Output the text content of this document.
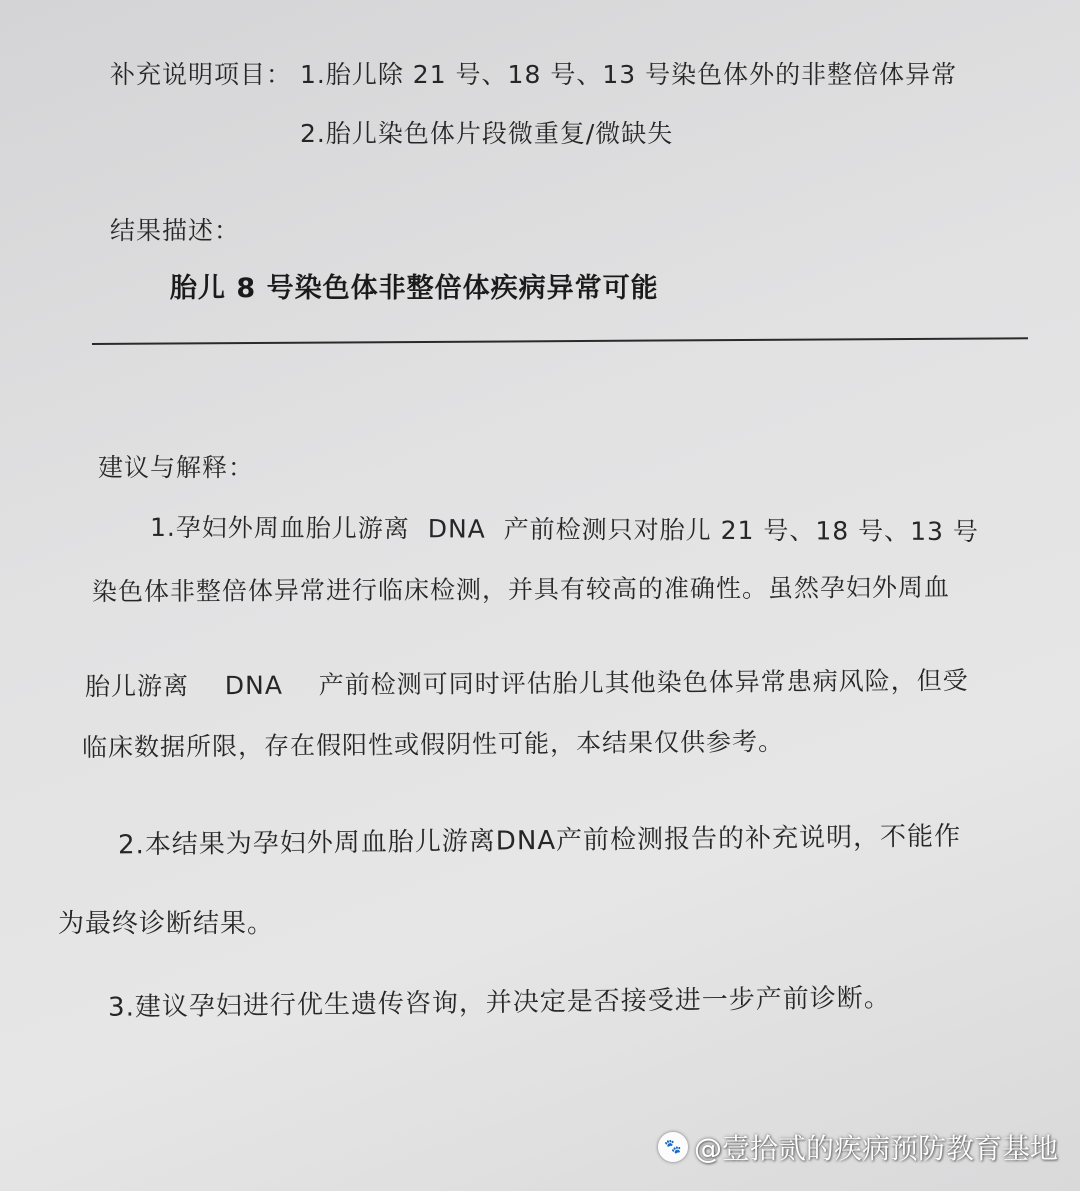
补充说明项目： 1.胎儿除 21 号、18 号、13 号染色体外的非整倍体异常
2.胎儿染色体片段微重复/微缺失
结果描述：
胎儿 8 号染色体非整倍体疾病异常可能
建议与解释：
1.孕妇外周血胎儿游离  DNA  产前检测只对胎儿 21 号、18 号、13 号
染色体非整倍体异常进行临床检测，并具有较高的准确性。虽然孕妇外周血
胎儿游离    DNA    产前检测可同时评估胎儿其他染色体异常患病风险，但受
临床数据所限，存在假阳性或假阴性可能，本结果仅供参考。
2.本结果为孕妇外周血胎儿游离DNA产前检测报告的补充说明，不能作
为最终诊断结果。
3.建议孕妇进行优生遗传咨询，并决定是否接受进一步产前诊断。
🐾 @壹拾贰的疾病预防教育基地
